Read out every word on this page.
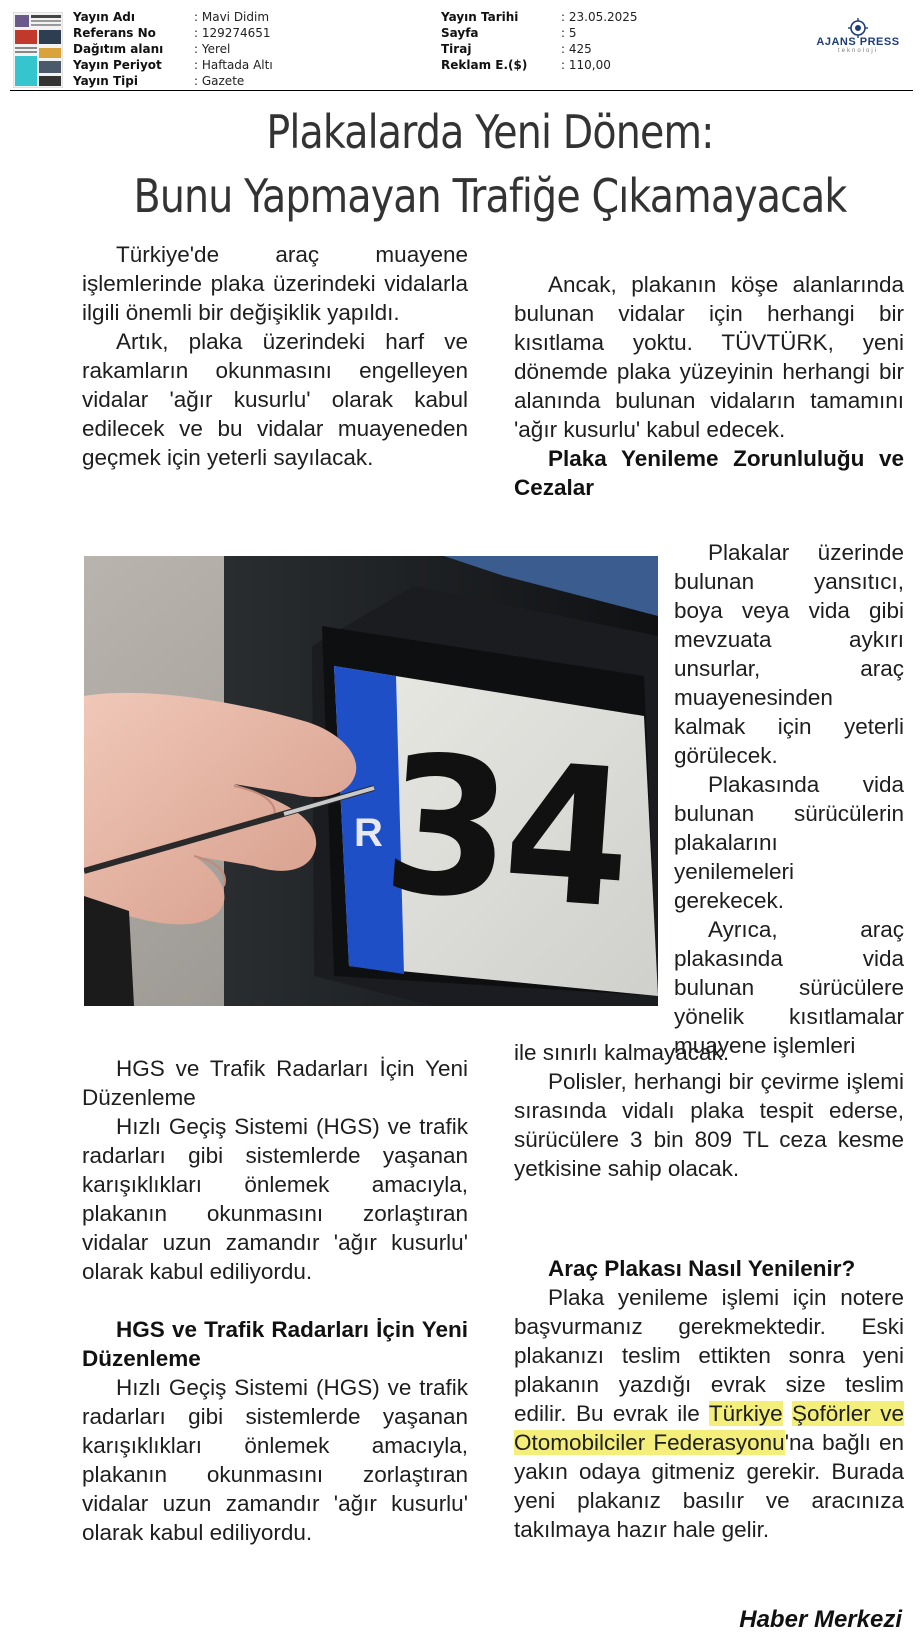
Yayın Adı	: Mavi Didim
Referans No	: 129274651
Dağıtım alanı	: Yerel
Yayın Periyot	: Haftada Altı
Yayın Tipi	: Gazete
Yayın Tarihi	: 23.05.2025
Sayfa	: 5
Tiraj	: 425
Reklam E.($)	: 110,00
AJANS PRESS
teknoloji
Plakalarda Yeni Dönem:
Bunu Yapmayan Trafiğe Çıkamayacak

Türkiye'de araç muayene işlemlerinde plaka üzerindeki vidalarla ilgili önemli bir değişiklik yapıldı.

Artık, plaka üzerindeki harf ve rakamların okunmasını engelleyen vidalar 'ağır kusurlu' olarak kabul edilecek ve bu vidalar muayeneden geçmek için yeterli sayılacak.

R
34

HGS ve Trafik Radarları İçin Yeni Düzenleme

Hızlı Geçiş Sistemi (HGS) ve trafik radarları gibi sistemlerde yaşanan karışıklıkları önlemek amacıyla, plakanın okunmasını zorlaştıran vidalar uzun zamandır 'ağır kusurlu' olarak kabul ediliyordu.

HGS ve Trafik Radarları İçin Yeni Düzenleme

Hızlı Geçiş Sistemi (HGS) ve trafik radarları gibi sistemlerde yaşanan karışıklıkları önlemek amacıyla, plakanın okunmasını zorlaştıran vidalar uzun zamandır 'ağır kusurlu' olarak kabul ediliyordu.

Ancak, plakanın köşe alanlarında bulunan vidalar için herhangi bir kısıtlama yoktu. TÜVTÜRK, yeni dönemde plaka yüzeyinin herhangi bir alanında bulunan vidaların tamamını 'ağır kusurlu' kabul edecek.

Plaka Yenileme Zorunluluğu ve Cezalar

Plakalar üzerinde bulunan yansıtıcı, boya veya vida gibi mevzuata aykırı unsurlar, araç muayenesinden kalmak için yeterli görülecek.

Plakasında vida bulunan sürücülerin plakalarını yenilemeleri gerekecek.

Ayrıca, araç plakasında vida bulunan sürücülere yönelik kısıtlamalar muayene işlemleri

ile sınırlı kalmayacak.

Polisler, herhangi bir çevirme işlemi sırasında vidalı plaka tespit ederse, sürücülere 3 bin 809 TL ceza kesme yetkisine sahip olacak.

Araç Plakası Nasıl Yenilenir?

Plaka yenileme işlemi için notere başvurmanız gerekmektedir. Eski plakanızı teslim ettikten sonra yeni plakanın yazdığı evrak size teslim edilir. Bu evrak ile Türkiye Şoförler ve Otomobilciler Federasyonu'na bağlı en yakın odaya gitmeniz gerekir. Burada yeni plakanız basılır ve aracınıza takılmaya hazır hale gelir.

Haber Merkezi
